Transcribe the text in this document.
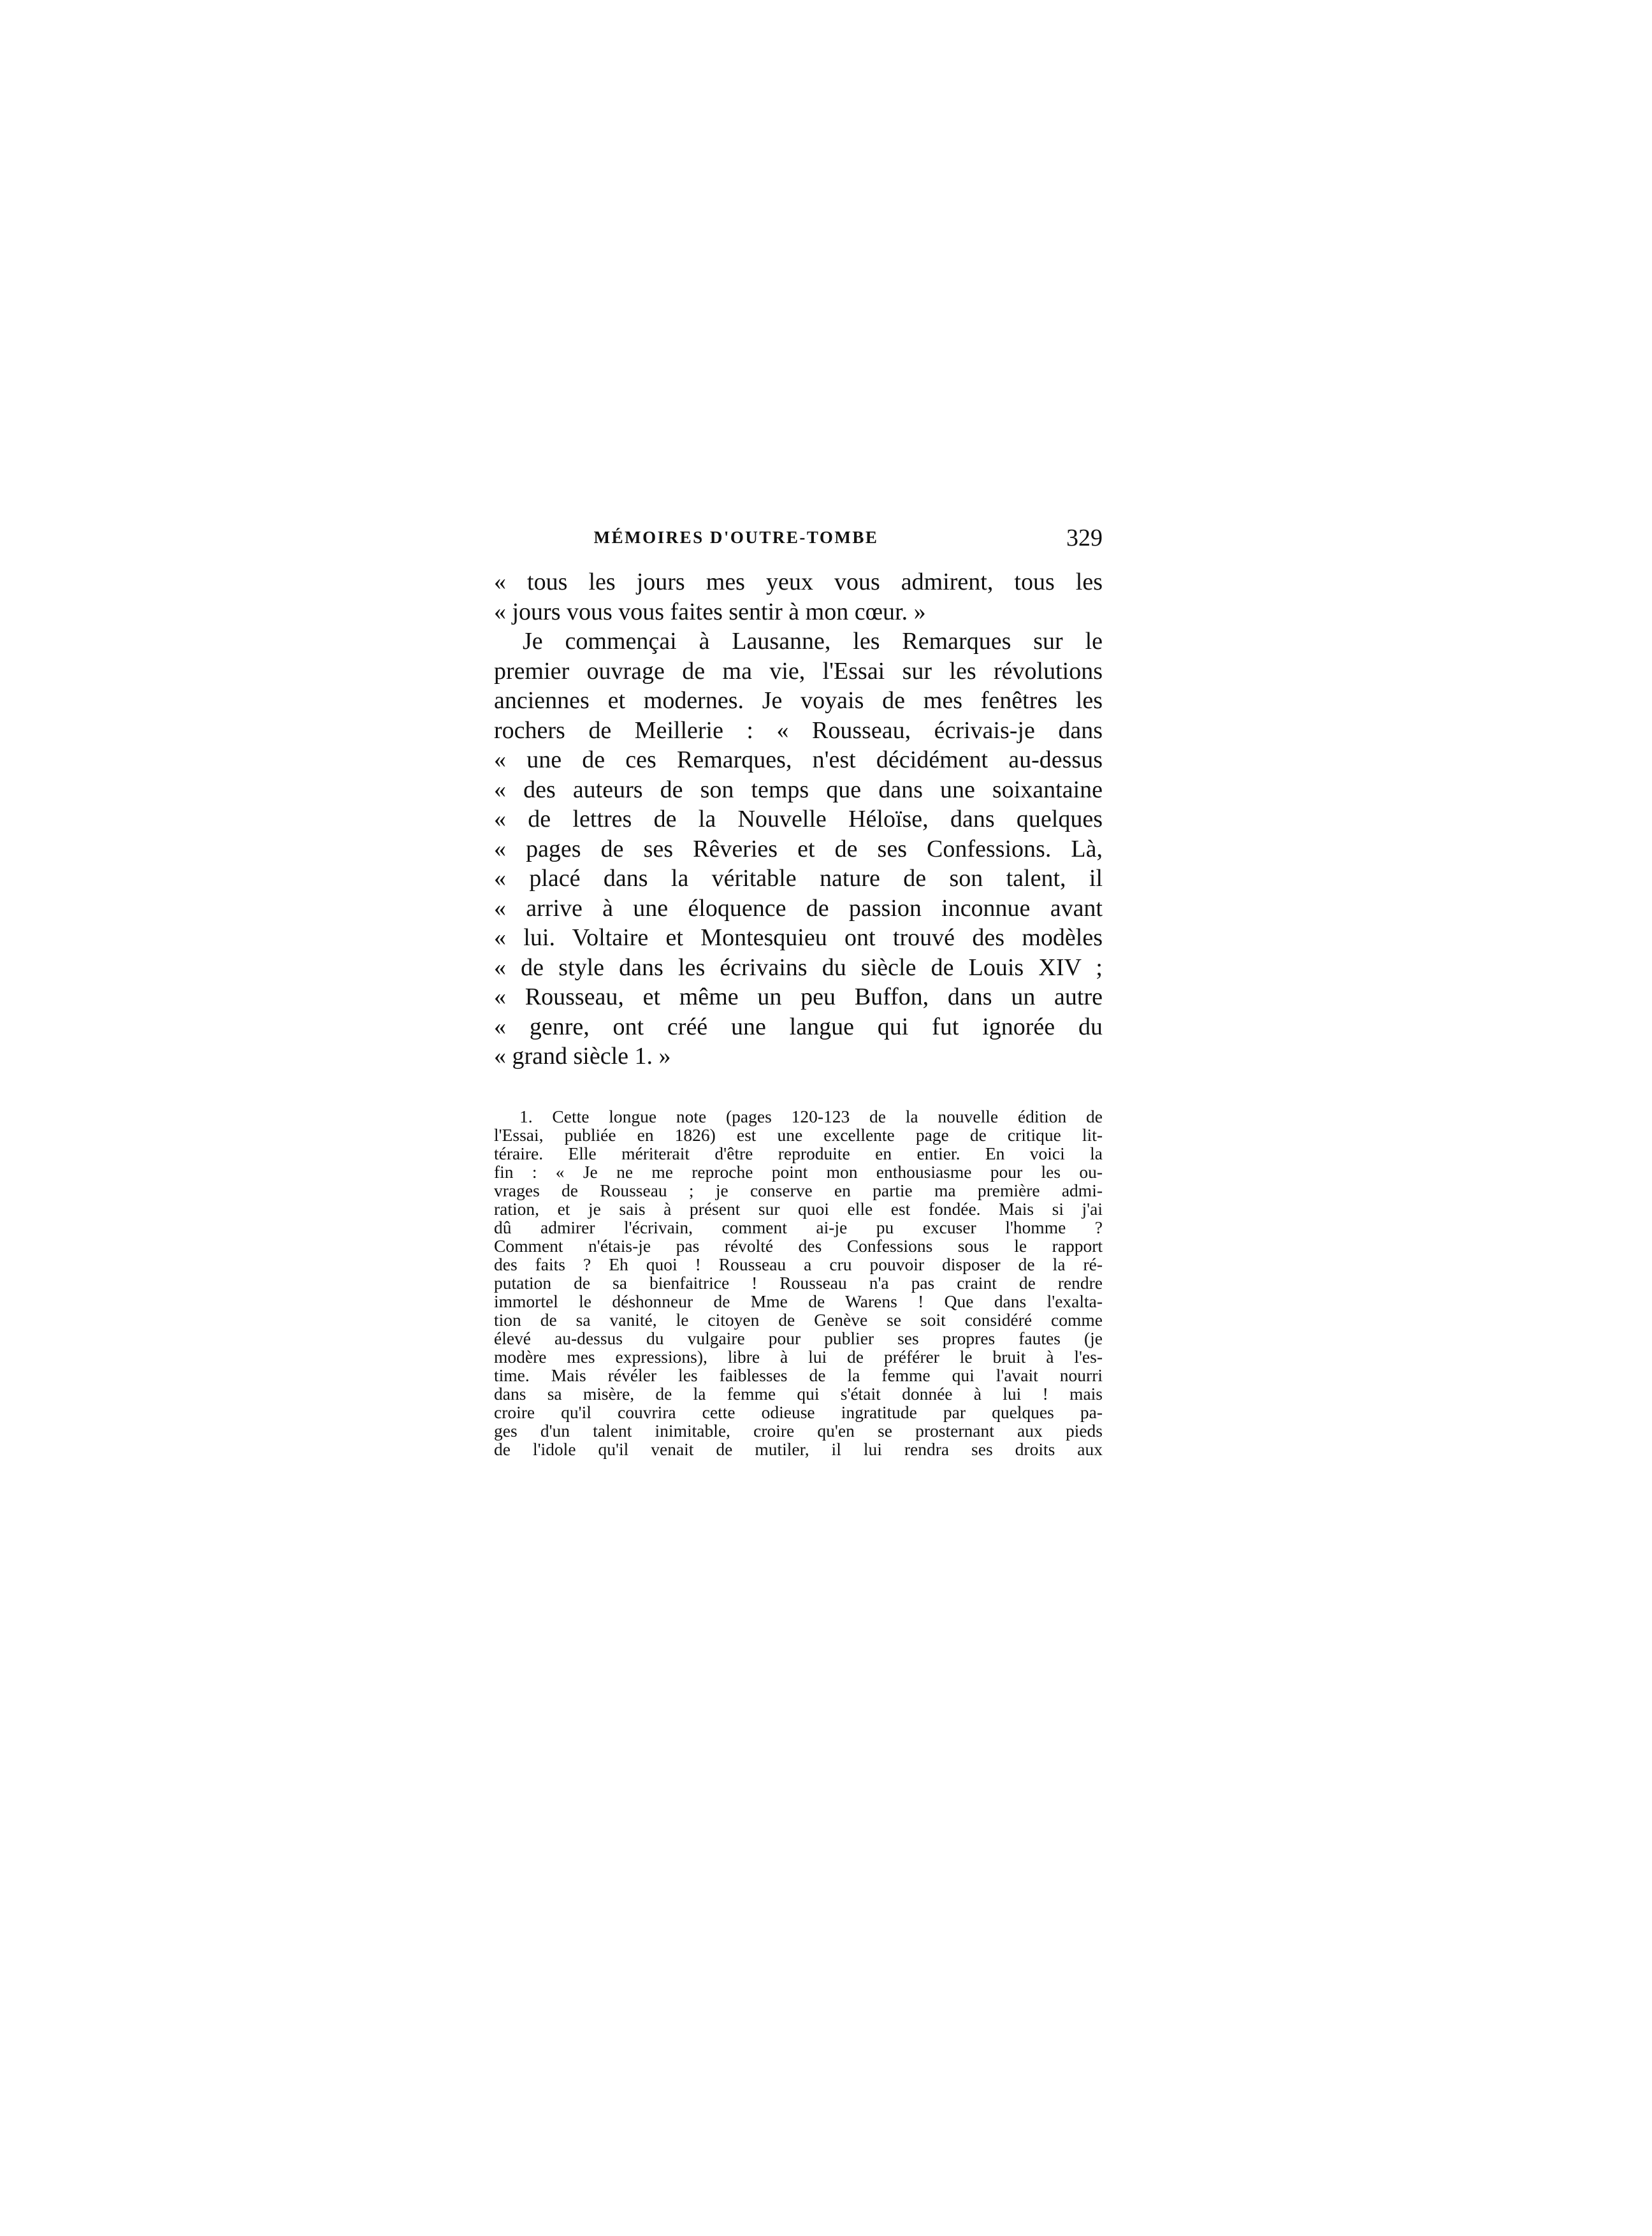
MÉMOIRES D'OUTRE-TOMBE	329
« tous les jours mes yeux vous admirent, tous les
« jours vous vous faites sentir à mon cœur. »
Je commençai à Lausanne, les Remarques sur le
premier ouvrage de ma vie, l'Essai sur les révolutions
anciennes et modernes. Je voyais de mes fenêtres les
rochers de Meillerie : « Rousseau, écrivais-je dans
« une de ces Remarques, n'est décidément au-dessus
« des auteurs de son temps que dans une soixantaine
« de lettres de la Nouvelle Héloïse, dans quelques
« pages de ses Rêveries et de ses Confessions. Là,
« placé dans la véritable nature de son talent, il
« arrive à une éloquence de passion inconnue avant
« lui. Voltaire et Montesquieu ont trouvé des modèles
« de style dans les écrivains du siècle de Louis XIV ;
« Rousseau, et même un peu Buffon, dans un autre
« genre, ont créé une langue qui fut ignorée du
« grand siècle 1. »
1. Cette longue note (pages 120-123 de la nouvelle édition de
l'Essai, publiée en 1826) est une excellente page de critique lit-
téraire. Elle mériterait d'être reproduite en entier. En voici la
fin : « Je ne me reproche point mon enthousiasme pour les ou-
vrages de Rousseau ; je conserve en partie ma première admi-
ration, et je sais à présent sur quoi elle est fondée. Mais si j'ai
dû admirer l'écrivain, comment ai-je pu excuser l'homme ?
Comment n'étais-je pas révolté des Confessions sous le rapport
des faits ? Eh quoi ! Rousseau a cru pouvoir disposer de la ré-
putation de sa bienfaitrice ! Rousseau n'a pas craint de rendre
immortel le déshonneur de Mme de Warens ! Que dans l'exalta-
tion de sa vanité, le citoyen de Genève se soit considéré comme
élevé au-dessus du vulgaire pour publier ses propres fautes (je
modère mes expressions), libre à lui de préférer le bruit à l'es-
time. Mais révéler les faiblesses de la femme qui l'avait nourri
dans sa misère, de la femme qui s'était donnée à lui ! mais
croire qu'il couvrira cette odieuse ingratitude par quelques pa-
ges d'un talent inimitable, croire qu'en se prosternant aux pieds
de l'idole qu'il venait de mutiler, il lui rendra ses droits aux
